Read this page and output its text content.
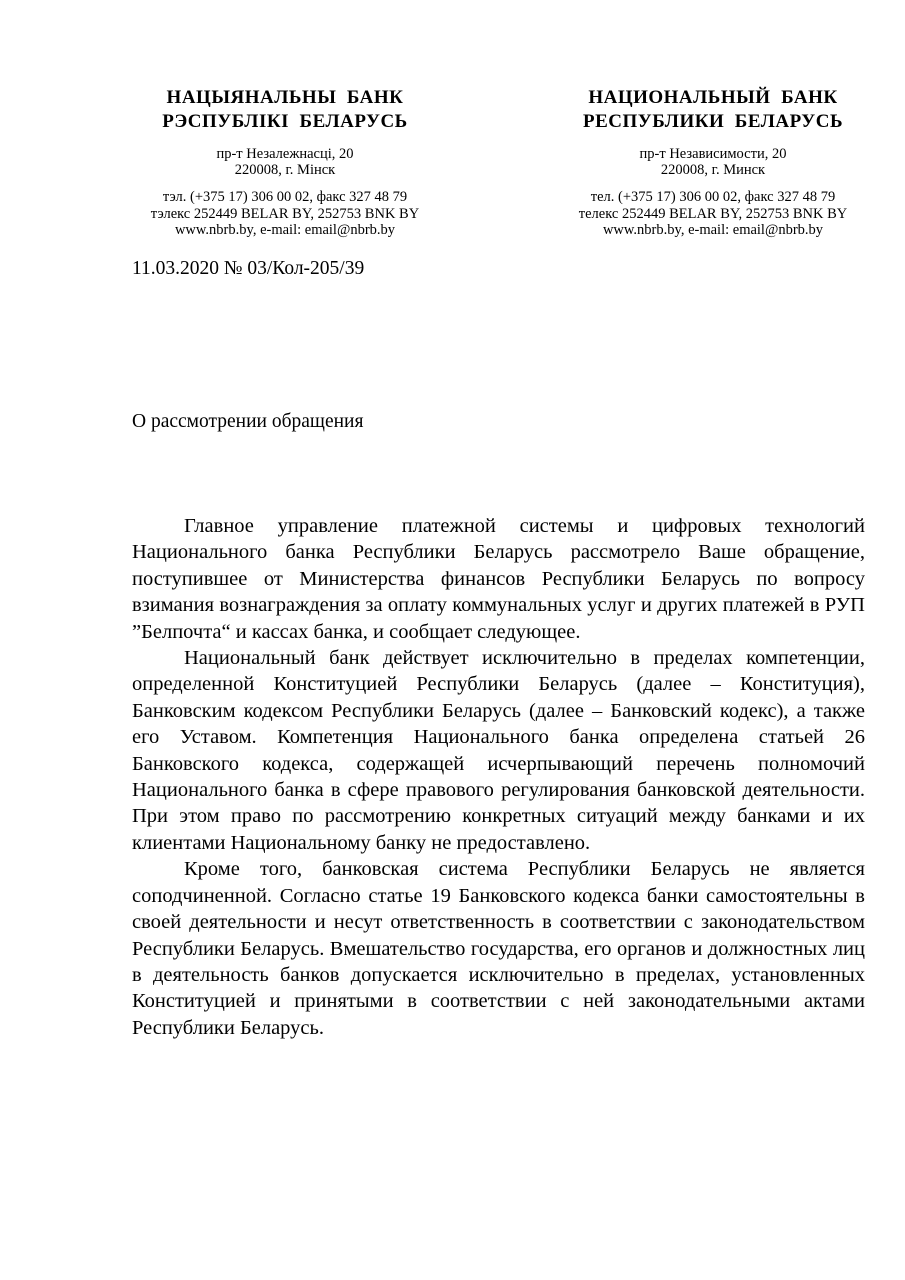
НАЦЫЯНАЛЬНЫ  БАНК
РЭСПУБЛІКІ  БЕЛАРУСЬ
пр-т Незалежнасці, 20
220008, г. Мінск
тэл. (+375 17) 306 00 02, факс 327 48 79
тэлекс 252449 BELAR BY, 252753 BNK BY
www.nbrb.by, e-mail: email@nbrb.by
НАЦИОНАЛЬНЫЙ  БАНК
РЕСПУБЛИКИ  БЕЛАРУСЬ
пр-т Независимости, 20
220008, г. Минск
тел. (+375 17) 306 00 02, факс 327 48 79
телекс 252449 BELAR BY, 252753 BNK BY
www.nbrb.by, e-mail: email@nbrb.by
11.03.2020 № 03/Кол-205/39
О рассмотрении обращения

Главное управление платежной системы и цифровых технологий Национального банка Республики Беларусь рассмотрело Ваше обращение, поступившее от Министерства финансов Республики Беларусь по вопросу взимания вознаграждения за оплату коммунальных услуг и других платежей в РУП ”Белпочта“ и кассах банка, и сообщает следующее.

Национальный банк действует исключительно в пределах компетенции, определенной Конституцией Республики Беларусь (далее – Конституция), Банковским кодексом Республики Беларусь (далее – Банковский кодекс), а также его Уставом. Компетенция Национального банка определена статьей 26 Банковского кодекса, содержащей исчерпывающий перечень полномочий Национального банка в сфере правового регулирования банковской деятельности. При этом право по рассмотрению конкретных ситуаций между банками и их клиентами Национальному банку не предоставлено.

Кроме того, банковская система Республики Беларусь не является соподчиненной. Согласно статье 19 Банковского кодекса банки самостоятельны в своей деятельности и несут ответственность в соответствии с законодательством Республики Беларусь. Вмешательство государства, его органов и должностных лиц в деятельность банков допускается исключительно в пределах, установленных Конституцией и принятыми в соответствии с ней законодательными актами Республики Беларусь.
